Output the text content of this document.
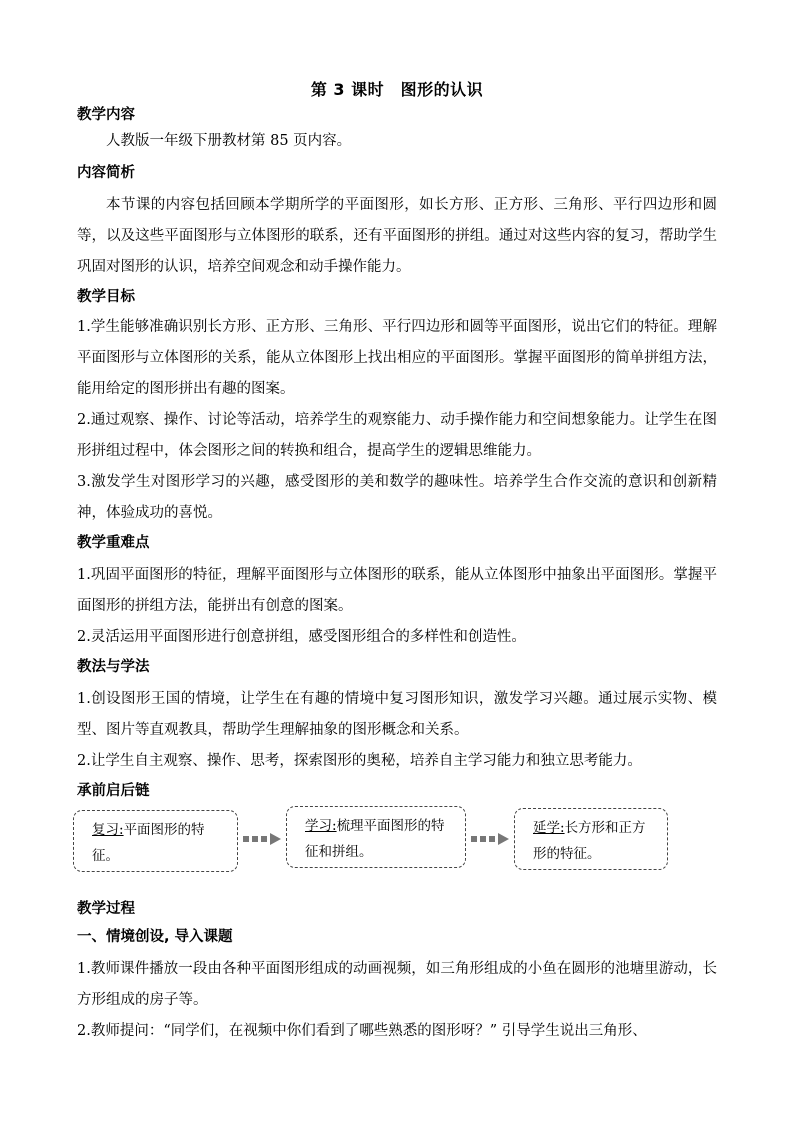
第 3 课时　图形的认识
教学内容
人教版一年级下册教材第 85 页内容。
内容简析
本节课的内容包括回顾本学期所学的平面图形，如长方形、正方形、三角形、平行四边形和圆等，以及这些平面图形与立体图形的联系，还有平面图形的拼组。通过对这些内容的复习，帮助学生巩固对图形的认识，培养空间观念和动手操作能力。
教学目标
1.学生能够准确识别长方形、正方形、三角形、平行四边形和圆等平面图形，说出它们的特征。理解平面图形与立体图形的关系，能从立体图形上找出相应的平面图形。掌握平面图形的简单拼组方法，能用给定的图形拼出有趣的图案。
2.通过观察、操作、讨论等活动，培养学生的观察能力、动手操作能力和空间想象能力。让学生在图形拼组过程中，体会图形之间的转换和组合，提高学生的逻辑思维能力。
3.激发学生对图形学习的兴趣，感受图形的美和数学的趣味性。培养学生合作交流的意识和创新精神，体验成功的喜悦。
教学重难点
1.巩固平面图形的特征，理解平面图形与立体图形的联系，能从立体图形中抽象出平面图形。掌握平面图形的拼组方法，能拼出有创意的图案。
2.灵活运用平面图形进行创意拼组，感受图形组合的多样性和创造性。
教法与学法
1.创设图形王国的情境，让学生在有趣的情境中复习图形知识，激发学习兴趣。通过展示实物、模型、图片等直观教具，帮助学生理解抽象的图形概念和关系。
2.让学生自主观察、操作、思考，探索图形的奥秘，培养自主学习能力和独立思考能力。
承前启后链
复习:平面图形的特征。
学习:梳理平面图形的特征和拼组。
延学:长方形和正方形的特征。
教学过程
一、情境创设, 导入课题
1.教师课件播放一段由各种平面图形组成的动画视频，如三角形组成的小鱼在圆形的池塘里游动，长方形组成的房子等。
2.教师提问：“同学们，在视频中你们看到了哪些熟悉的图形呀？” 引导学生说出三角形、
